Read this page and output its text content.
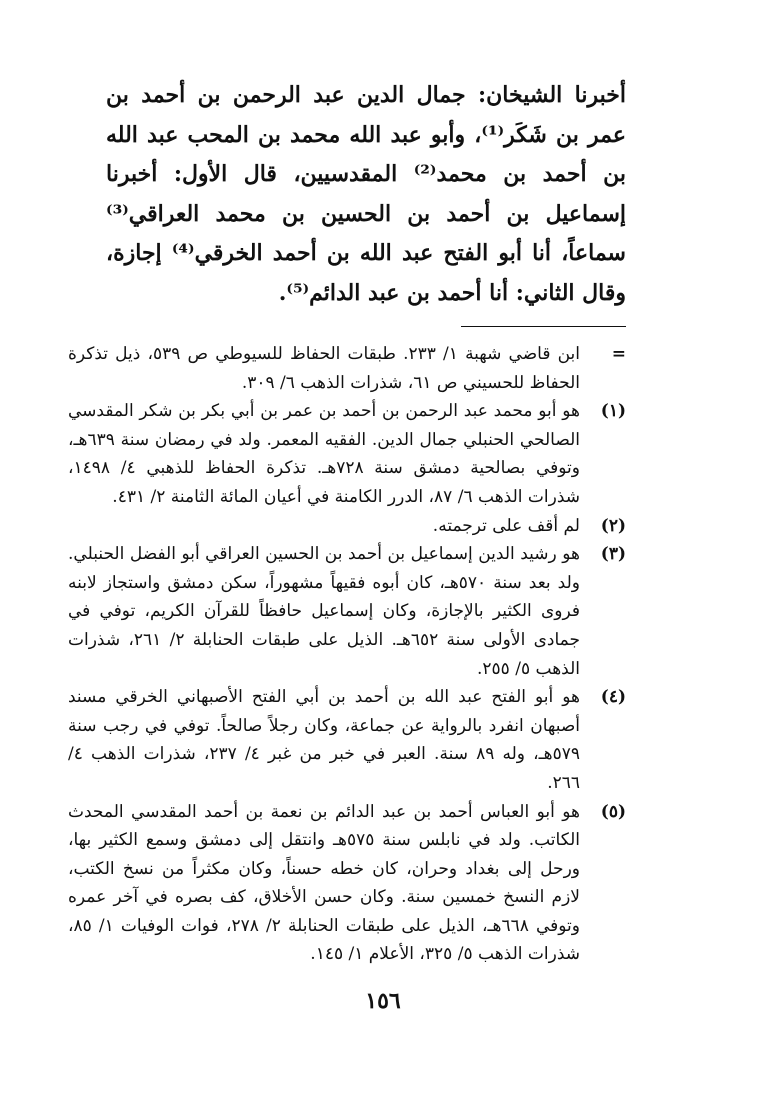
أخبرنا الشيخان: جمال الدين عبد الرحمن بن أحمد بن عمر بن شَكَر⁽¹⁾، وأبو عبد الله محمد بن المحب عبد الله بن أحمد بن محمد⁽²⁾ المقدسيين، قال الأول: أخبرنا إسماعيل بن أحمد بن الحسين بن محمد العراقي⁽³⁾ سماعاً، أنا أبو الفتح عبد الله بن أحمد الخرقي⁽⁴⁾ إجازة، وقال الثاني: أنا أحمد بن عبد الدائم⁽⁵⁾.

=
ابن قاضي شهبة ١/ ٢٣٣. طبقات الحفاظ للسيوطي ص ٥٣٩، ذيل تذكرة الحفاظ للحسيني ص ٦١، شذرات الذهب ٦/ ٣٠٩.
(١)
هو أبو محمد عبد الرحمن بن أحمد بن عمر بن أبي بكر بن شكر المقدسي الصالحي الحنبلي جمال الدين. الفقيه المعمر. ولد في رمضان سنة ٦٣٩هـ، وتوفي بصالحية دمشق سنة ٧٢٨هـ. تذكرة الحفاظ للذهبي ٤/ ١٤٩٨، شذرات الذهب ٦/ ٨٧، الدرر الكامنة في أعيان المائة الثامنة ٢/ ٤٣١.
(٢)
لم أقف على ترجمته.
(٣)
هو رشيد الدين إسماعيل بن أحمد بن الحسين العراقي أبو الفضل الحنبلي. ولد بعد سنة ٥٧٠هـ، كان أبوه فقيهاً مشهوراً، سكن دمشق واستجاز لابنه فروى الكثير بالإجازة، وكان إسماعيل حافظاً للقرآن الكريم، توفي في جمادى الأولى سنة ٦٥٢هـ. الذيل على طبقات الحنابلة ٢/ ٢٦١، شذرات الذهب ٥/ ٢٥٥.
(٤)
هو أبو الفتح عبد الله بن أحمد بن أبي الفتح الأصبهاني الخرقي مسند أصبهان انفرد بالرواية عن جماعة، وكان رجلاً صالحاً. توفي في رجب سنة ٥٧٩هـ، وله ٨٩ سنة. العبر في خبر من غبر ٤/ ٢٣٧، شذرات الذهب ٤/ ٢٦٦.
(٥)
هو أبو العباس أحمد بن عبد الدائم بن نعمة بن أحمد المقدسي المحدث الكاتب. ولد في نابلس سنة ٥٧٥هـ وانتقل إلى دمشق وسمع الكثير بها، ورحل إلى بغداد وحران، كان خطه حسناً، وكان مكثراً من نسخ الكتب، لازم النسخ خمسين سنة. وكان حسن الأخلاق، كف بصره في آخر عمره وتوفي ٦٦٨هـ، الذيل على طبقات الحنابلة ٢/ ٢٧٨، فوات الوفيات ١/ ٨٥، شذرات الذهب ٥/ ٣٢٥، الأعلام ١/ ١٤٥.
١٥٦
